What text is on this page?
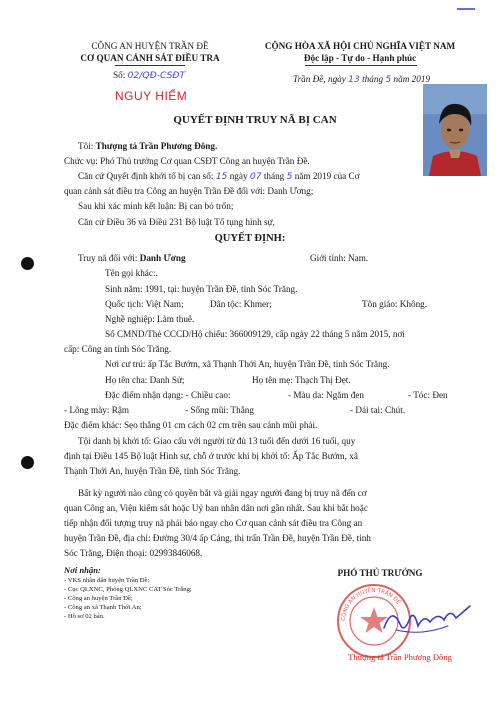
CÔNG AN HUYỆN TRẦN ĐỀ
CƠ QUAN CẢNH SÁT ĐIỀU TRA
Số: 02/QĐ-CSĐT
CỘNG HÒA XÃ HỘI CHỦ NGHĨA VIỆT NAM
Độc lập - Tự do - Hạnh phúc
Trần Đề, ngày 13 tháng 5 năm 2019
NGUY HIỂM
QUYẾT ĐỊNH TRUY NÃ BỊ CAN
Tôi: Thượng tá Trần Phương Đông.
Chức vụ: Phó Thủ trưởng Cơ quan CSĐT Công an huyện Trần Đề.
Căn cứ Quyết định khởi tố bị can số: 15 ngày 07 tháng 5 năm 2019 của Cơ
quan cảnh sát điều tra Công an huyện Trần Đề đối với: Danh Ương;
Sau khi xác minh kết luận: Bị can bỏ trốn;
Căn cứ Điều 36 và Điều 231 Bộ luật Tố tụng hình sự,
QUYẾT ĐỊNH:
Truy nã đối với: Danh Ương	Giới tính: Nam.
Tên gọi khác:.
Sinh năm: 1991, tại: huyện Trần Đề, tỉnh Sóc Trăng.
Quốc tịch: Việt Nam;	Dân tộc: Khmer;	Tôn giáo: Không.
Nghề nghiệp: Làm thuê.
Số CMND/Thẻ CCCD/Hộ chiếu: 366009129, cấp ngày 22 tháng 5 năm 2015, nơi
cấp: Công an tỉnh Sóc Trăng.
Nơi cư trú: ấp Tắc Bướm, xã Thạnh Thới An, huyện Trần Đề, tỉnh Sóc Trăng.
Họ tên cha: Danh Sử;	Họ tên mẹ: Thạch Thị Đẹt.
Đặc điểm nhận dạng: - Chiều cao:	- Màu da: Ngăm đen	- Tóc: Đen
- Lông mày: Rậm	- Sống mũi: Thẳng	- Dái tai: Chút.
Đặc điểm khác: Sẹo thẳng 01 cm cách 02 cm trên sau cánh mũi phải.
Tội danh bị khởi tố: Giao cấu với người từ đủ 13 tuổi đến dưới 16 tuổi, quy
định tại Điều 145 Bộ luật Hình sự, chỗ ở trước khi bị khởi tố: Ấp Tắc Bướm, xã
Thạnh Thới An, huyện Trần Đề, tỉnh Sóc Trăng.
Bất kỳ người nào cũng có quyền bắt và giải ngay người đang bị truy nã đến cơ
quan Công an, Viện kiểm sát hoặc Uỷ ban nhân dân nơi gần nhất. Sau khi bắt hoặc
tiếp nhận đối tượng truy nã phải báo ngay cho Cơ quan cảnh sát điều tra Công an
huyện Trần Đề, địa chỉ: Đường 30/4 ấp Cảng, thị trấn Trần Đề, huyện Trần Đề, tỉnh
Sóc Trăng, Điện thoại: 02993846068.
Nơi nhận:
- VKS nhân dân huyện Trần Đề;
- Cục QLXNC, Phòng QLXNC CAT Sóc Trăng;
- Công an huyện Trần Đề;
- Công an xã Thạnh Thới An;
- Hồ sơ 02 bản.
PHÓ THỦ TRƯỞNG
CÔNG AN HUYỆN TRẦN ĐỀ
Thượng tá Trần Phương Đông
